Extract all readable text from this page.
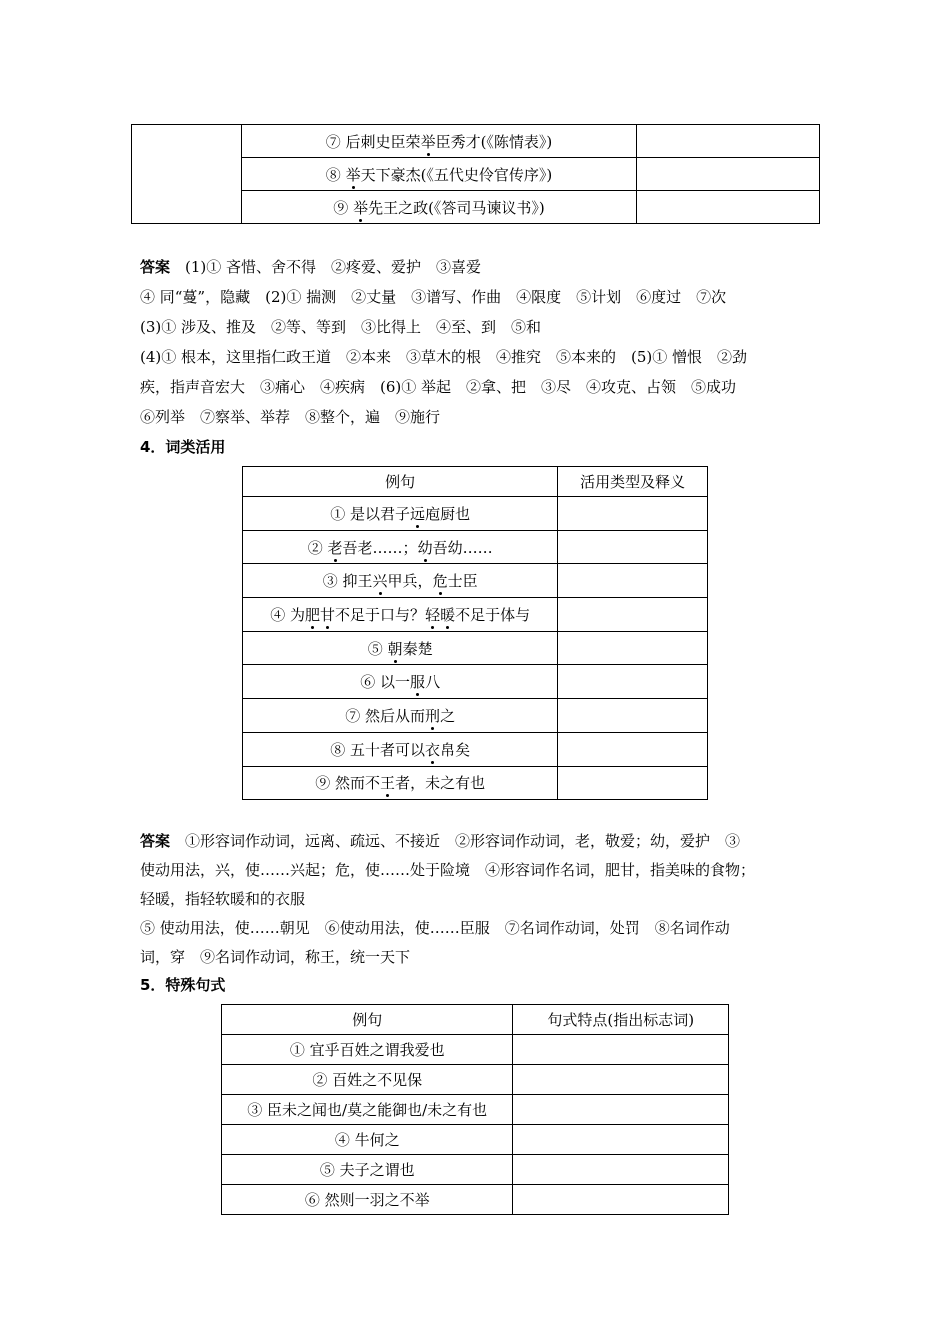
	⑦ 后刺史臣荣举臣秀才(《陈情表》)	
	⑧ 举天下豪杰(《五代史伶官传序》)	
	⑨ 举先王之政(《答司马谏议书》)	
答案　 (1)① 吝惜、舍不得　②疼爱、爱护　③喜爱
④ 同“蔓”，隐藏　(2)① 揣测　②丈量　③谱写、作曲　④限度　⑤计划　⑥度过　⑦次
(3)① 涉及、推及　②等、等到　③比得上　④至、到　⑤和
(4)① 根本，这里指仁政王道　②本来　③草木的根　④推究　⑤本来的　(5)① 憎恨　②劲
疾，指声音宏大　③痛心　④疾病　(6)① 举起　②拿、把　③尽　④攻克、占领　⑤成功
⑥列举　⑦察举、举荐　⑧整个，遍　⑨施行
4．词类活用
例句	活用类型及释义
① 是以君子远庖厨也	
② 老吾老……；幼吾幼……	
③ 抑王兴甲兵，危士臣	
④ 为肥甘不足于口与？轻暖不足于体与	
⑤ 朝秦楚	
⑥ 以一服八	
⑦ 然后从而刑之	
⑧ 五十者可以衣帛矣	
⑨ 然而不王者，未之有也	
答案　 ①形容词作动词，远离、疏远、不接近　②形容词作动词，老，敬爱；幼，爱护　③
使动用法，兴，使……兴起；危，使……处于险境　④形容词作名词，肥甘，指美味的食物；
轻暖，指轻软暖和的衣服
⑤ 使动用法，使……朝见　⑥使动用法，使……臣服　⑦名词作动词，处罚　⑧名词作动
词，穿　⑨名词作动词，称王，统一天下
5．特殊句式
例句	句式特点(指出标志词)
① 宜乎百姓之谓我爱也	
② 百姓之不见保	
③ 臣未之闻也/莫之能御也/未之有也	
④ 牛何之	
⑤ 夫子之谓也	
⑥ 然则一羽之不举	
